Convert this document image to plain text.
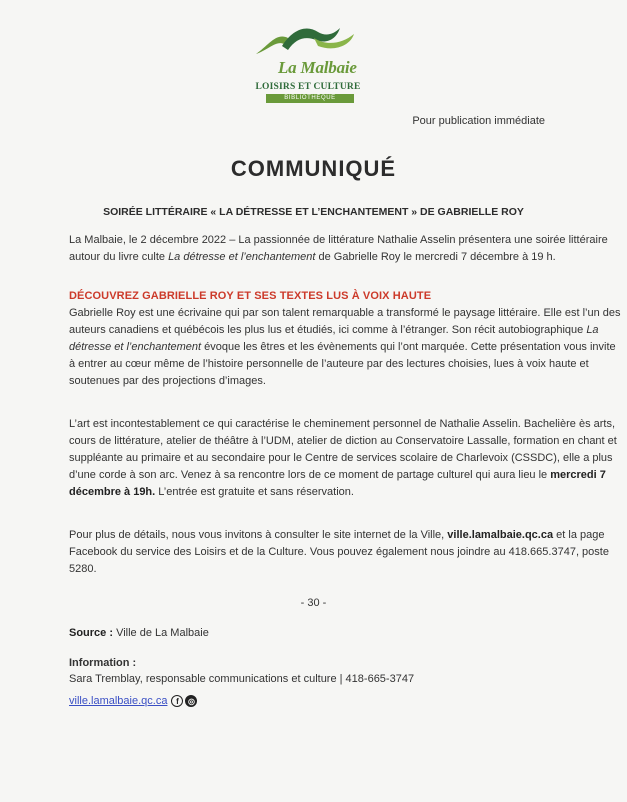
La Malbaie
LOISIRS ET CULTURE
BIBLIOTHÈQUE
Pour publication immédiate
COMMUNIQUÉ
SOIRÉE LITTÉRAIRE « LA DÉTRESSE ET L’ENCHANTEMENT » DE GABRIELLE ROY
La Malbaie, le 2 décembre 2022 – La passionnée de littérature Nathalie Asselin présentera une soirée littéraire
autour du livre culte La détresse et l’enchantement de Gabrielle Roy le mercredi 7 décembre à 19 h.
DÉCOUVREZ GABRIELLE ROY ET SES TEXTES LUS À VOIX HAUTE
Gabrielle Roy est une écrivaine qui par son talent remarquable a transformé le paysage littéraire. Elle est l’un des
auteurs canadiens et québécois les plus lus et étudiés, ici comme à l’étranger. Son récit autobiographique La
détresse et l’enchantement évoque les êtres et les évènements qui l’ont marquée. Cette présentation vous invite
à entrer au cœur même de l’histoire personnelle de l’auteure par des lectures choisies, lues à voix haute et
soutenues par des projections d’images.
L’art est incontestablement ce qui caractérise le cheminement personnel de Nathalie Asselin. Bachelière ès arts,
cours de littérature, atelier de théâtre à l’UDM, atelier de diction au Conservatoire Lassalle, formation en chant et
suppléante au primaire et au secondaire pour le Centre de services scolaire de Charlevoix (CSSDC), elle a plus
d’une corde à son arc. Venez à sa rencontre lors de ce moment de partage culturel qui aura lieu le mercredi 7
décembre à 19h. L’entrée est gratuite et sans réservation.
Pour plus de détails, nous vous invitons à consulter le site internet de la Ville, ville.lamalbaie.qc.ca et la page
Facebook du service des Loisirs et de la Culture. Vous pouvez également nous joindre au 418.665.3747, poste
5280.
- 30 -
Source : Ville de La Malbaie
Information :
Sara Tremblay, responsable communications et culture | 418-665-3747
ville.lamalbaie.qc.ca	f	◎
